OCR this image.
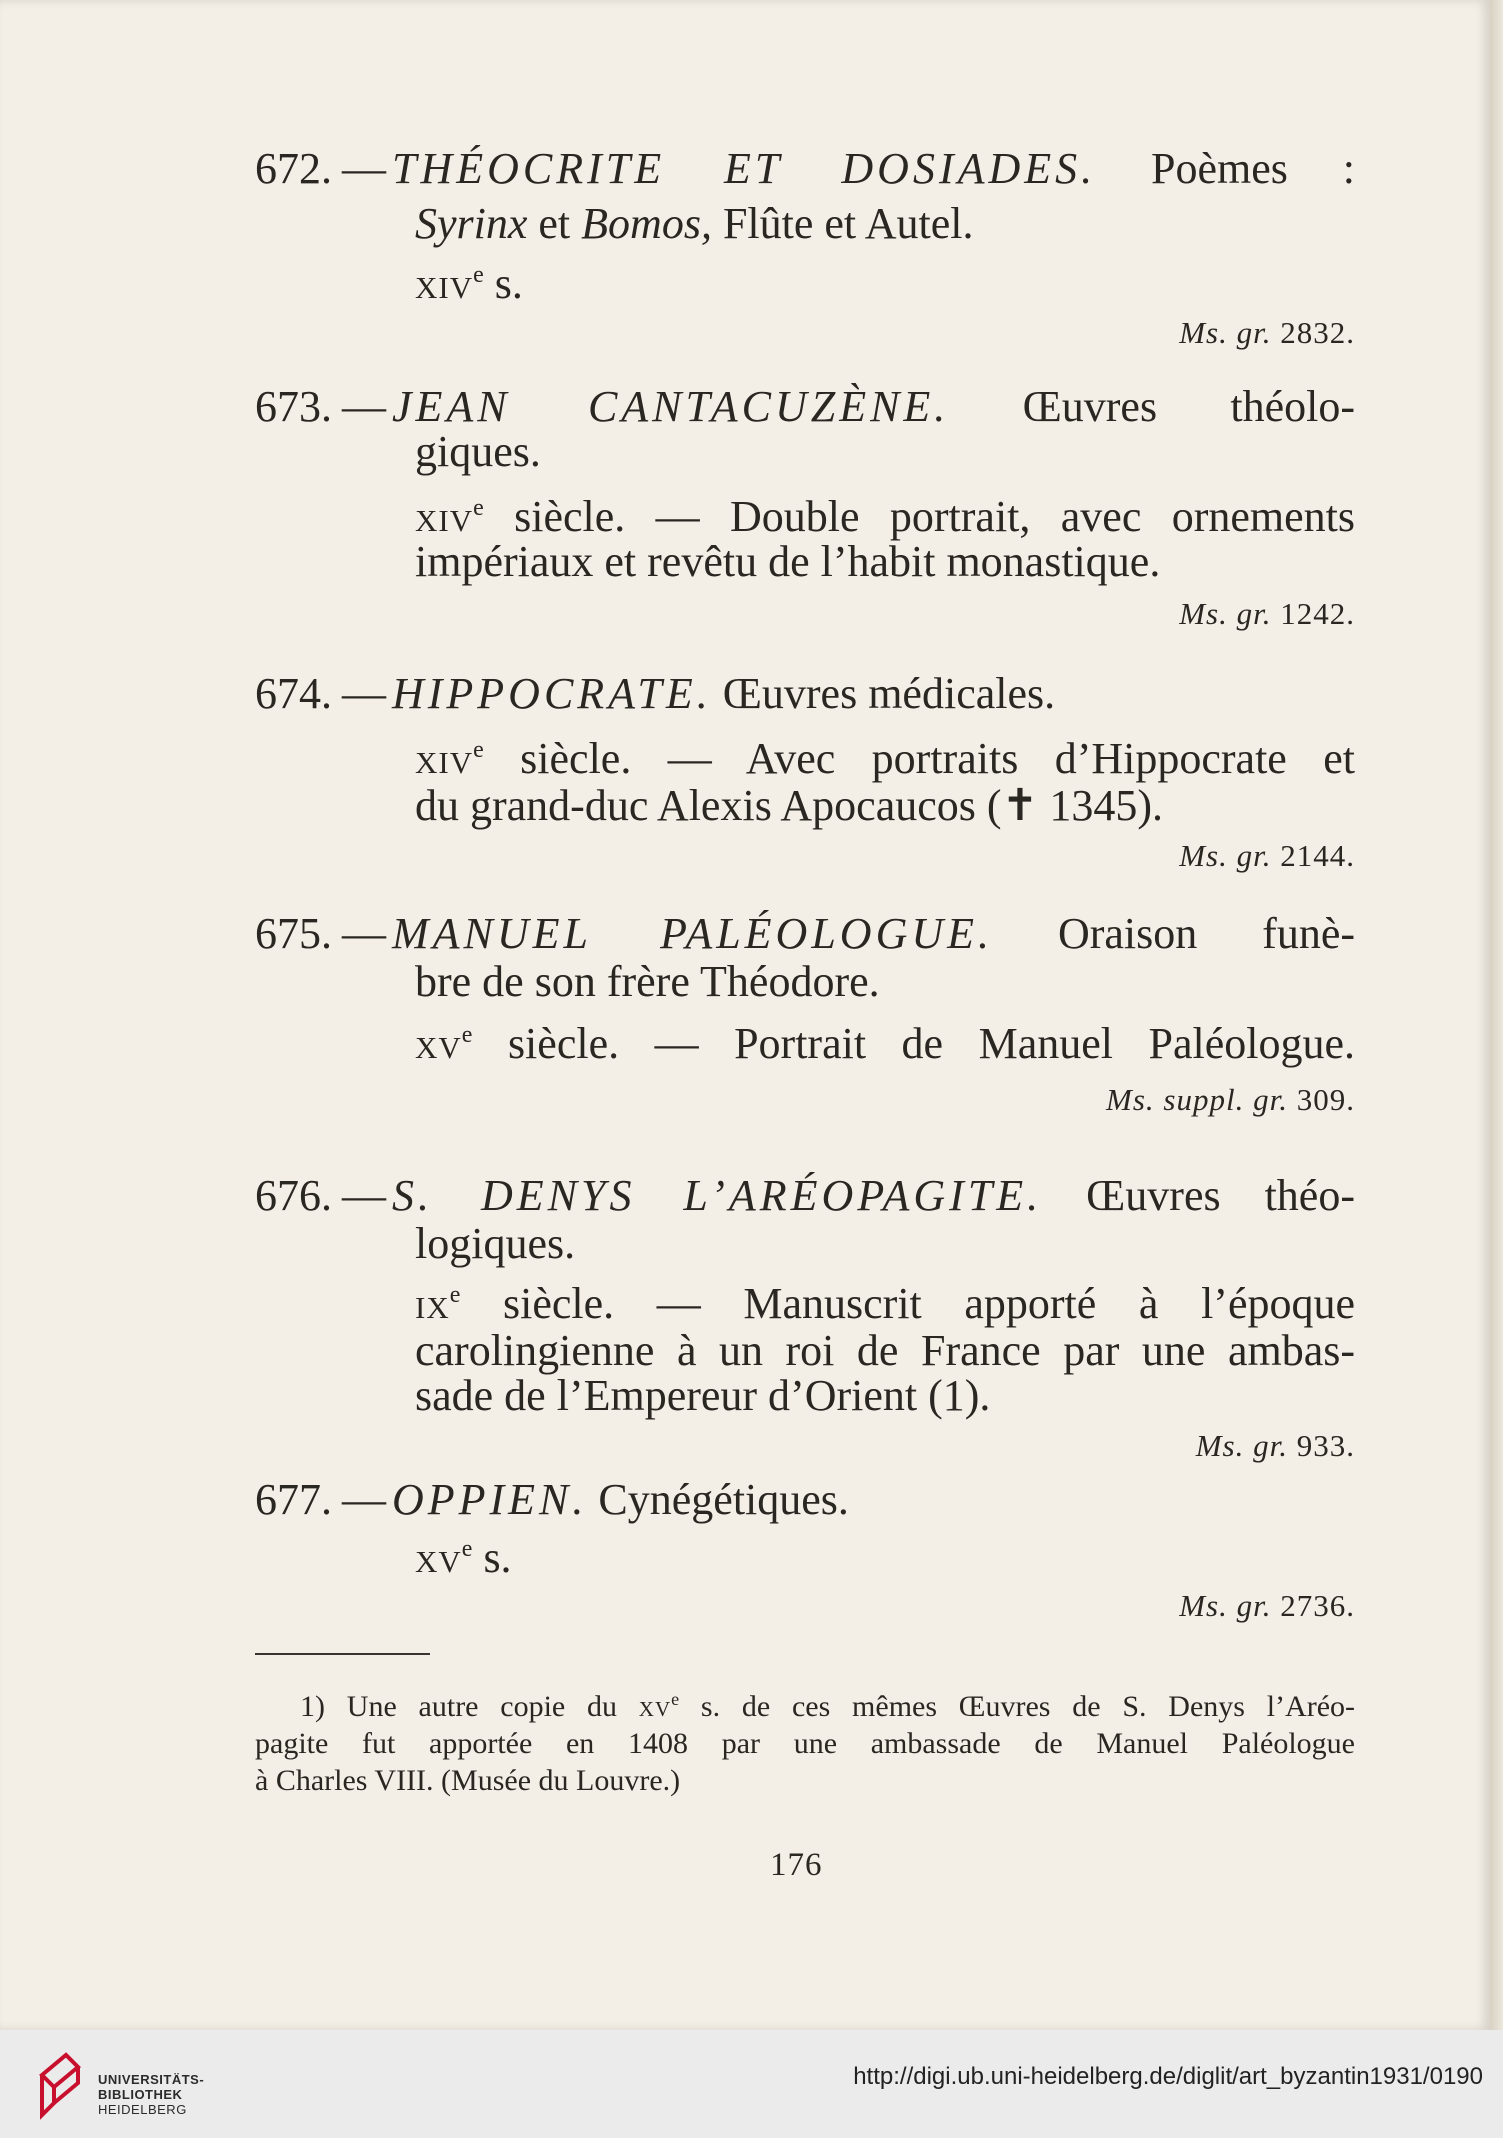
672. — THÉOCRITE ET DOSIADES. Poèmes :
Syrinx et Bomos, Flûte et Autel.
xiv$^e$ s.
Ms. gr. 2832.
673. — JEAN CANTACUZÈNE. Œuvres théolo-
giques.
xiv$^e$ siècle. — Double portrait, avec ornements
impériaux et revêtu de l’habit monastique.
Ms. gr. 1242.
674. — HIPPOCRATE. Œuvres médicales.
xiv$^e$ siècle. — Avec portraits d’Hippocrate et
du grand-duc Alexis Apocaucos (✝ 1345).
Ms. gr. 2144.
675. — MANUEL PALÉOLOGUE. Oraison funè-
bre de son frère Théodore.
$xv^e$ siècle. — Portrait de Manuel Paléologue.
Ms. suppl. gr. 309.
676. — S. DENYS L’ARÉOPAGITE. Œuvres théo-
logiques.
$ix^e$ siècle. — Manuscrit apporté à l’époque
carolingienne à un roi de France par une ambas-
sade de l’Empereur d’Orient (1).
Ms. gr. 933.
677. — OPPIEN. Cynégétiques.
$xv^e$ s.
Ms. gr. 2736.
1) Une autre copie du $xv^e$ s. de ces mêmes Œuvres de S. Denys l’Aréo-
pagite fut apportée en 1408 par une ambassade de Manuel Paléologue
à Charles VIII. (Musée du Louvre.)
176
UNIVERSITÄTS-
BIBLIOTHEK
HEIDELBERG
http://digi.ub.uni-heidelberg.de/diglit/art_byzantin1931/0190
